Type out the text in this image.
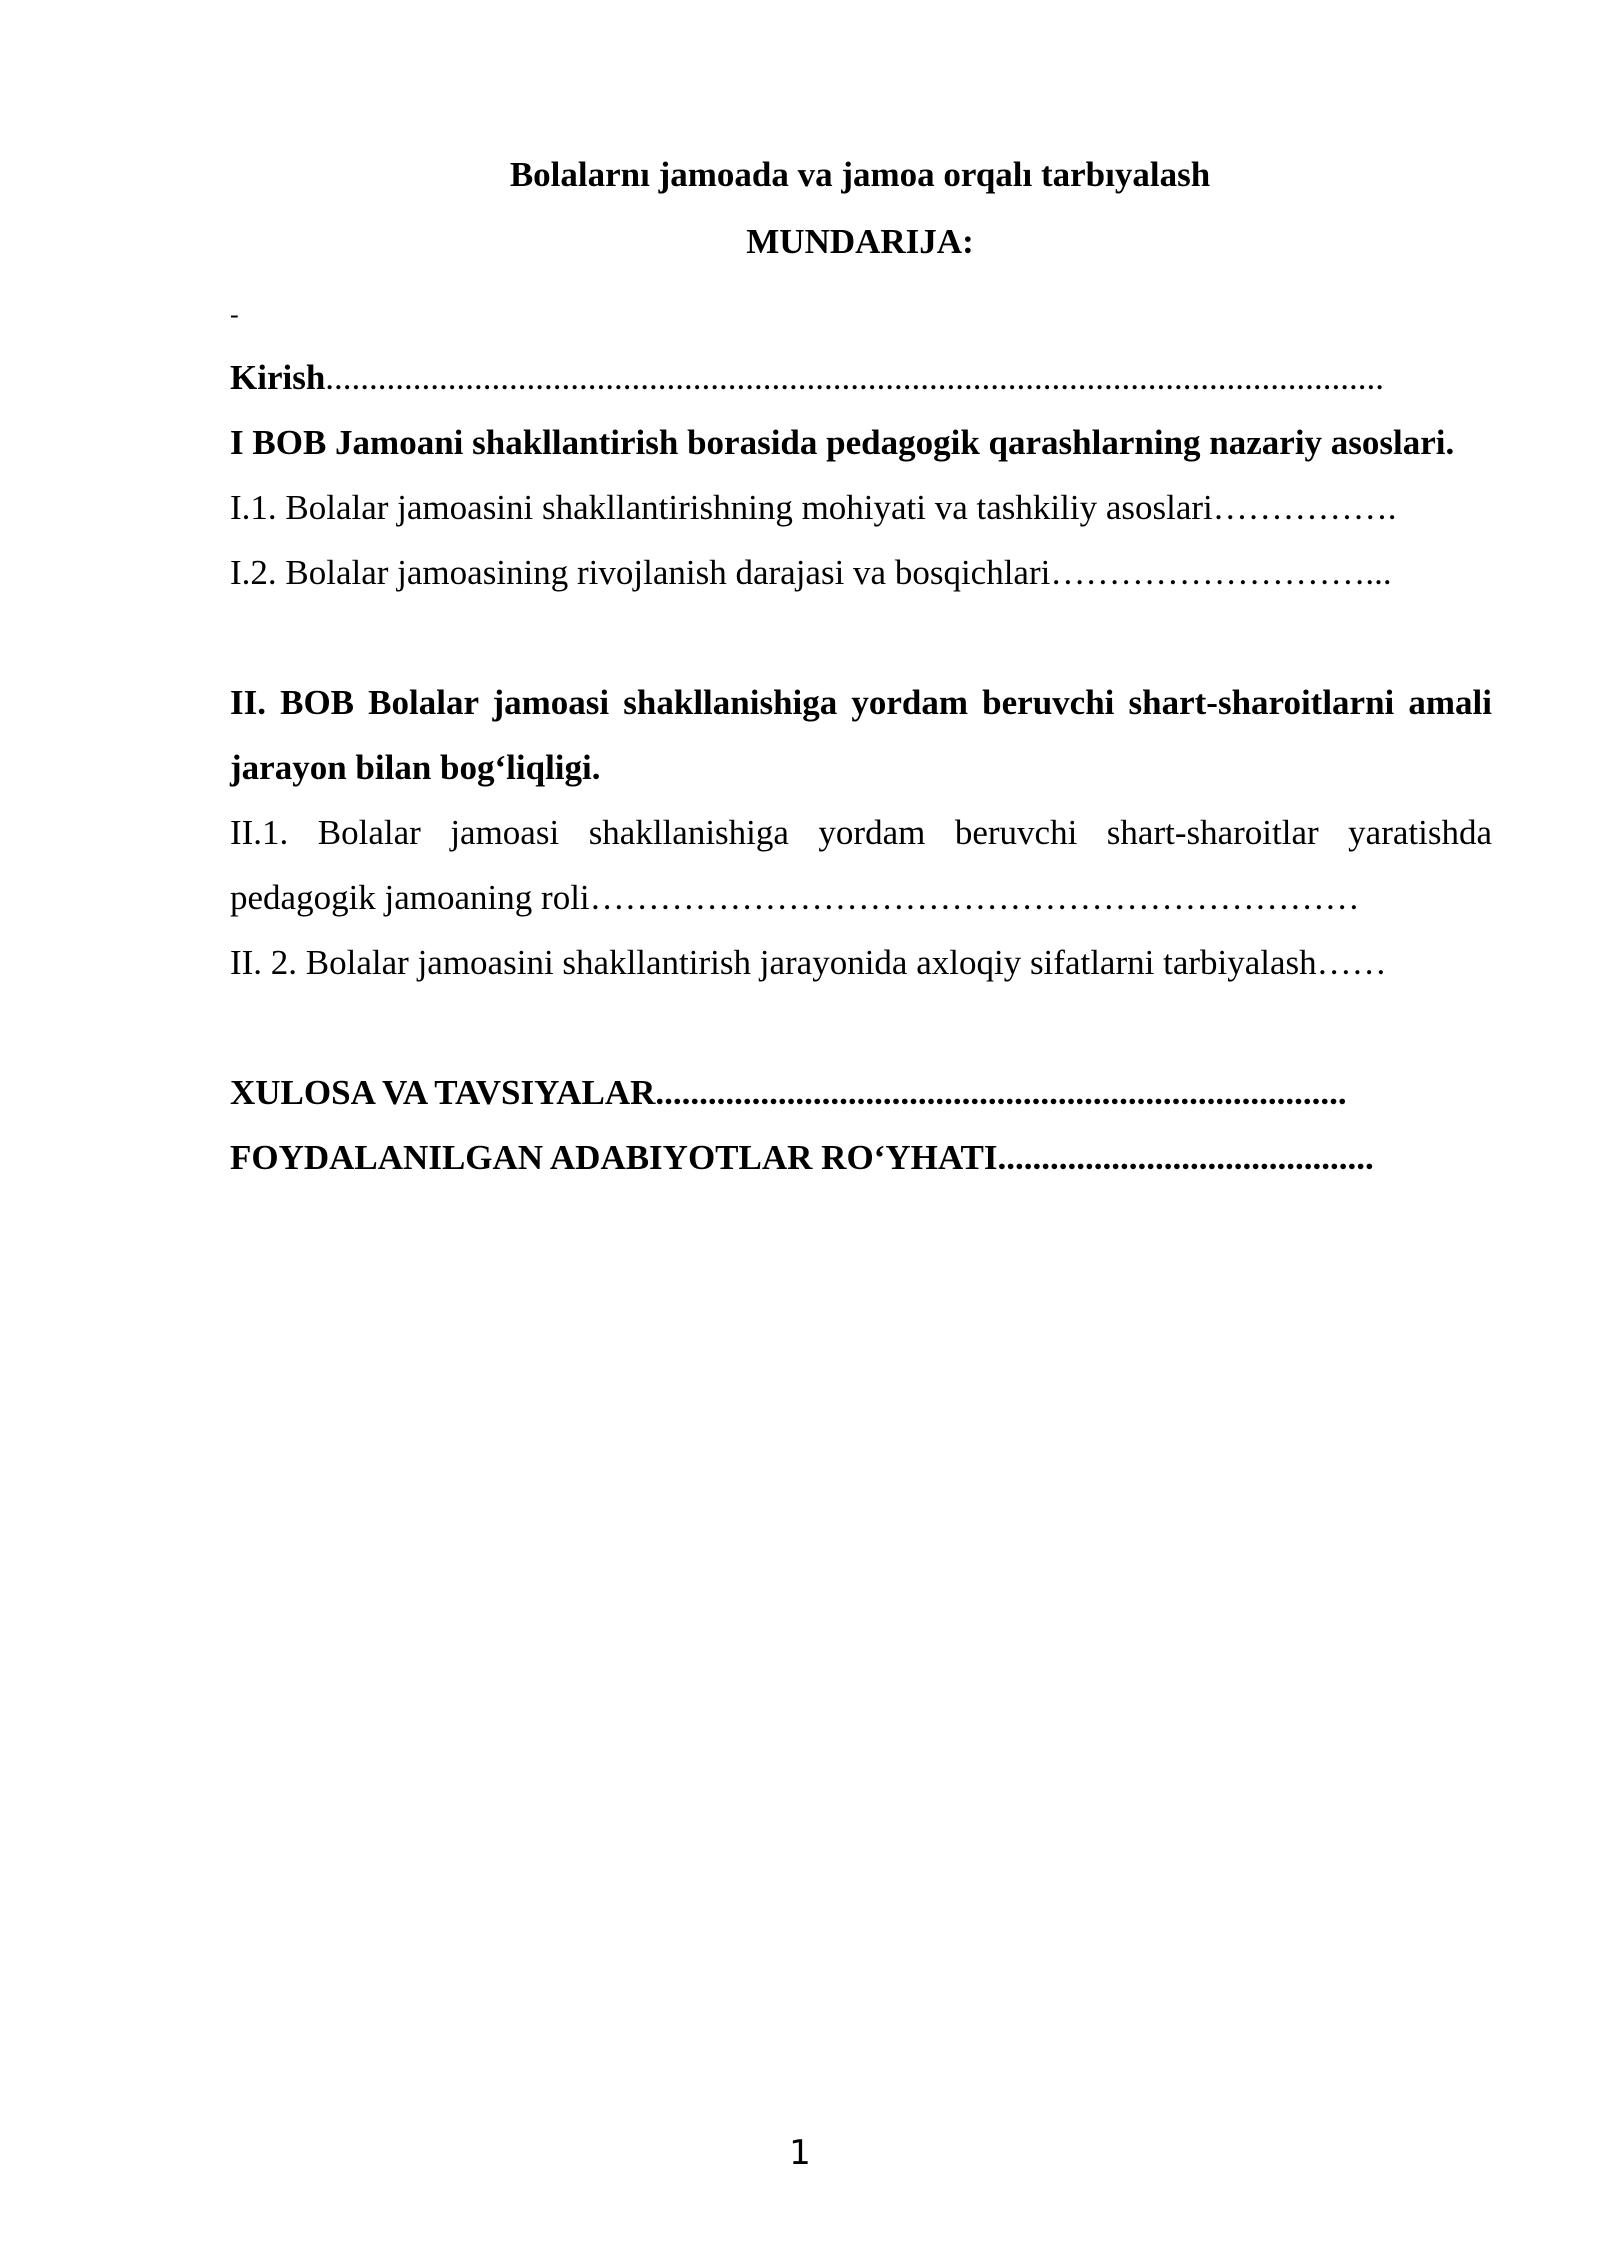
Bolalarnı jamoada va jamoa orqalı tarbıyalash
MUNDARIJA:
-
Kirish.........................................................................................................................
I BOB Jamoani shakllantirish borasida pedagogik qarashlarning nazariy asoslari.
I.1. Bolalar jamoasini shakllantirishning mohiyati va tashkiliy asoslari…………….
I.2. Bolalar jamoasining rivojlanish darajasi va bosqichlari………………………...
II. BOB Bolalar jamoasi shakllanishiga yordam beruvchi shart-sharoitlarni amali jarayon bilan bog‘liqligi.
II.1. Bolalar jamoasi shakllanishiga yordam beruvchi shart-sharoitlar yaratishda pedagogik jamoaning roli…………………………………………………………
II. 2. Bolalar jamoasini shakllantirish jarayonida axloqiy sifatlarni tarbiyalash……
XULOSA VA TAVSIYALAR...............................................................................
FOYDALANILGAN ADABIYOTLAR RO‘YHATI...........................................
1
